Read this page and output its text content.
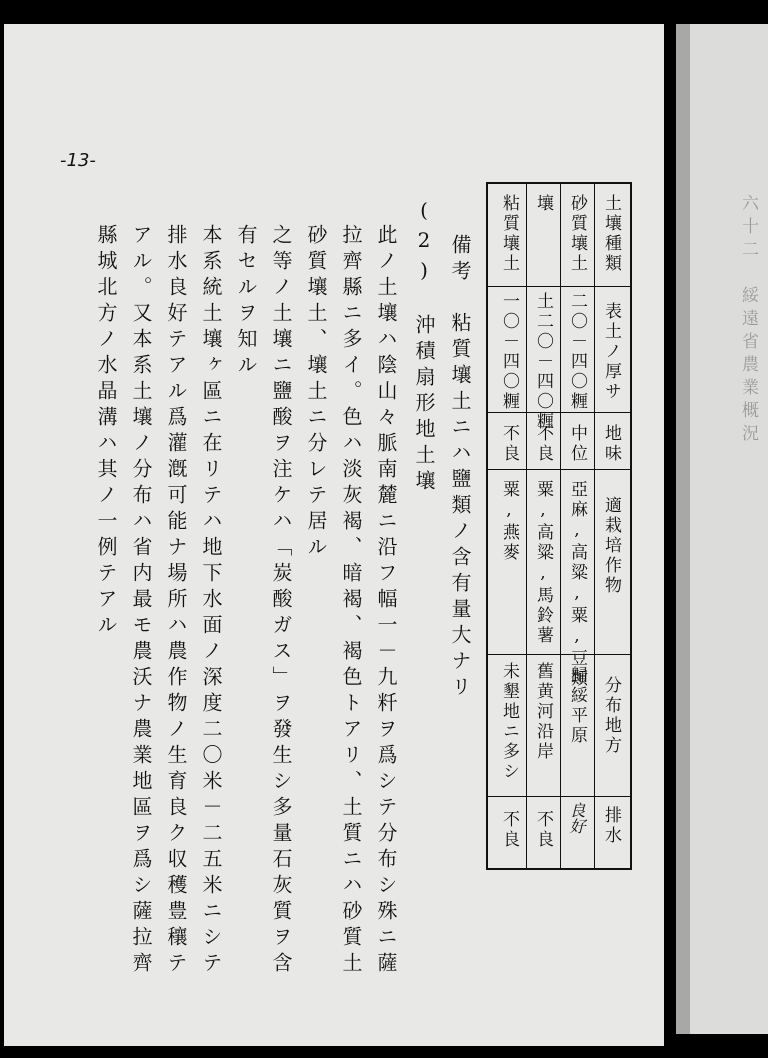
-13-
土壤種類
表土ノ厚サ
地味
適栽培作物
分布地方
排水
砂質壤土
二〇－四〇糎
中位
亞麻,高粱,粟,豆類
歸綏平原
良好
壤
土二〇－四〇糎
不良
粟,高粱,馬鈴薯
舊黄河沿岸
不良
粘質壤土
一〇－四〇糎
不良
粟,燕麥
未墾地ニ多シ
不良
備考　粘質壤土ニハ鹽類ノ含有量大ナリ
(2)　沖積扇形地土壤
此ノ土壤ハ陰山々脈南麓ニ沿フ幅一－九粁ヲ爲シテ分布シ殊ニ薩
拉齊縣ニ多イ。色ハ淡灰褐、暗褐、褐色トアリ、土質ニハ砂質土
砂質壤土、壤土ニ分レテ居ル
之等ノ土壤ニ鹽酸ヲ注ケハ「炭酸ガス」ヲ發生シ多量石灰質ヲ含
有セルヲ知ル
本系統土壤ヶ區ニ在リテハ地下水面ノ深度二〇米－二五米ニシテ
排水良好テアル爲灌漑可能ナ場所ハ農作物ノ生育良ク収穫豊穰テ
アル。又本系土壤ノ分布ハ省内最モ農沃ナ農業地區ヲ爲シ薩拉齊
縣城北方ノ水晶溝ハ其ノ一例テアル	六十二　綏遠省農業概況
